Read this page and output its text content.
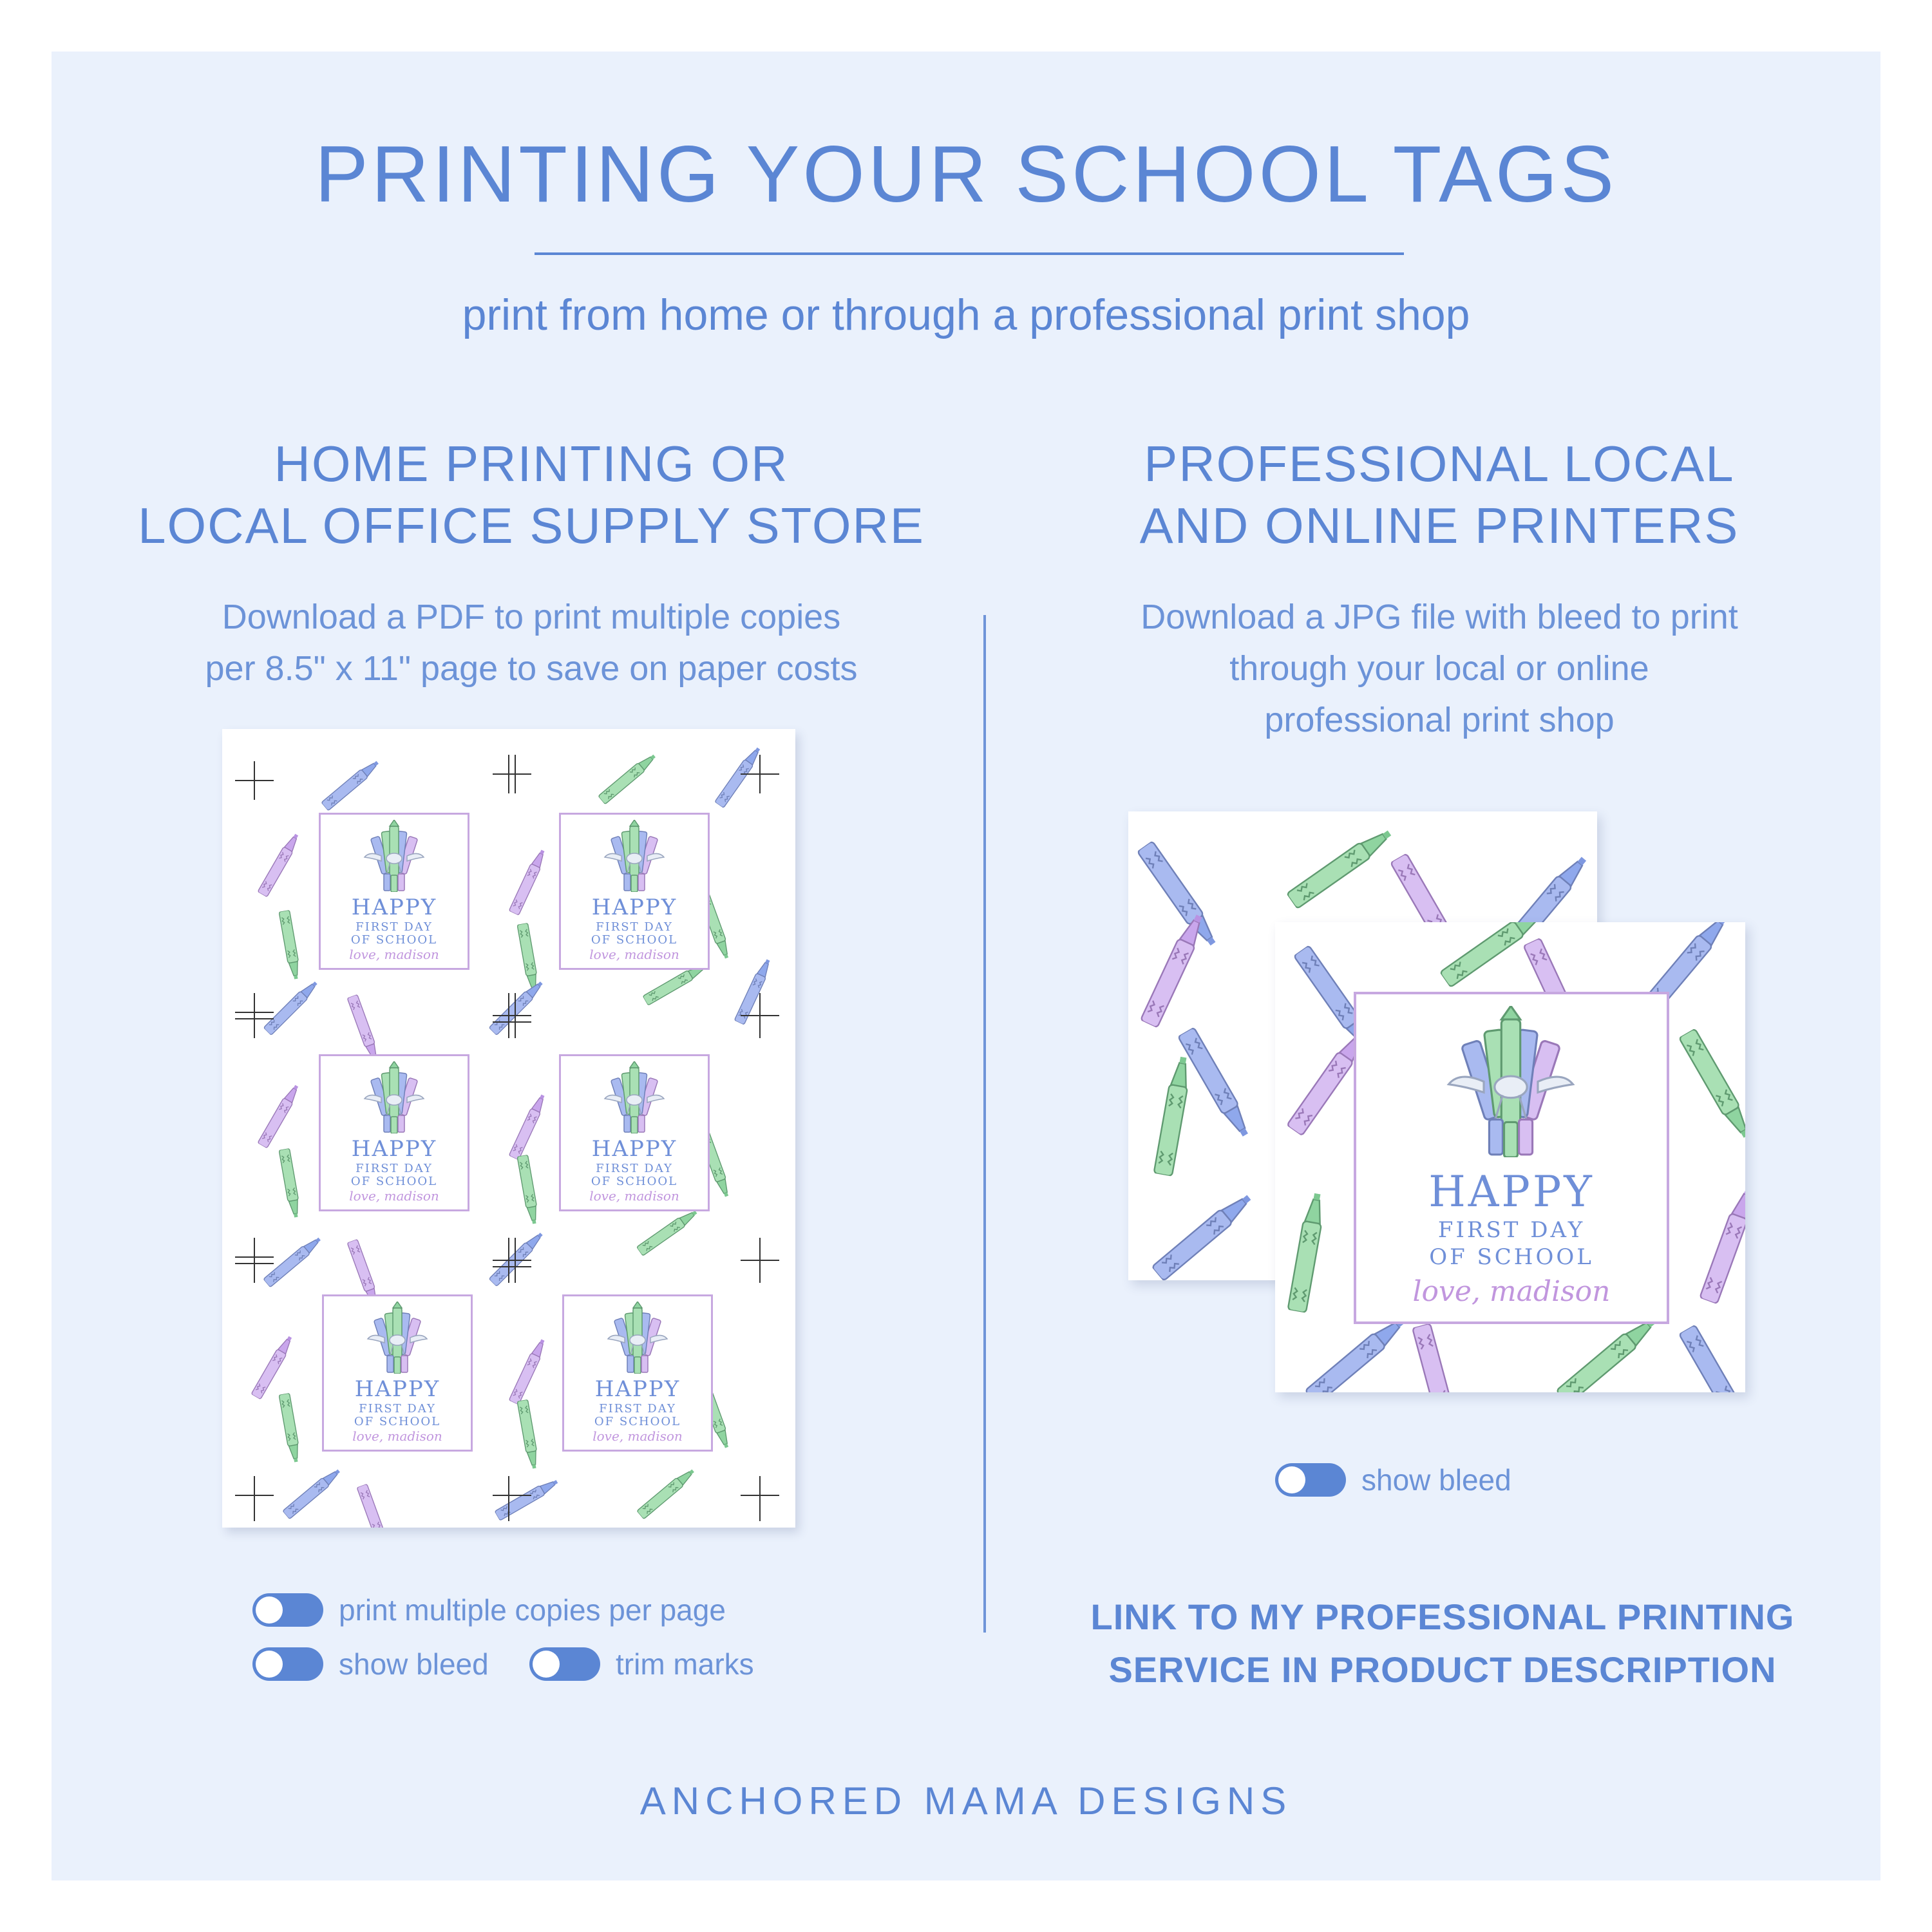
PRINTING YOUR SCHOOL TAGS
print from home or through a professional print shop
HOME PRINTING OR
LOCAL OFFICE SUPPLY STORE
Download a PDF to print multiple copies
per 8.5" x 11" page to save on paper costs
PROFESSIONAL LOCAL
AND ONLINE PRINTERS
Download a JPG file with bleed to print
through your local or online
professional print shop
HAPPY
FIRST DAY
OF SCHOOL
love, madison
HAPPY
FIRST DAY
OF SCHOOL
love, madison
HAPPY
FIRST DAY
OF SCHOOL
love, madison
HAPPY
FIRST DAY
OF SCHOOL
love, madison
HAPPY
FIRST DAY
OF SCHOOL
love, madison
HAPPY
FIRST DAY
OF SCHOOL
love, madison
print multiple copies per page
show bleed	trim marks
HAPPY
FIRST DAY
OF SCHOOL
love, madison
show bleed
LINK TO MY PROFESSIONAL PRINTING
SERVICE IN PRODUCT DESCRIPTION
ANCHORED MAMA DESIGNS
